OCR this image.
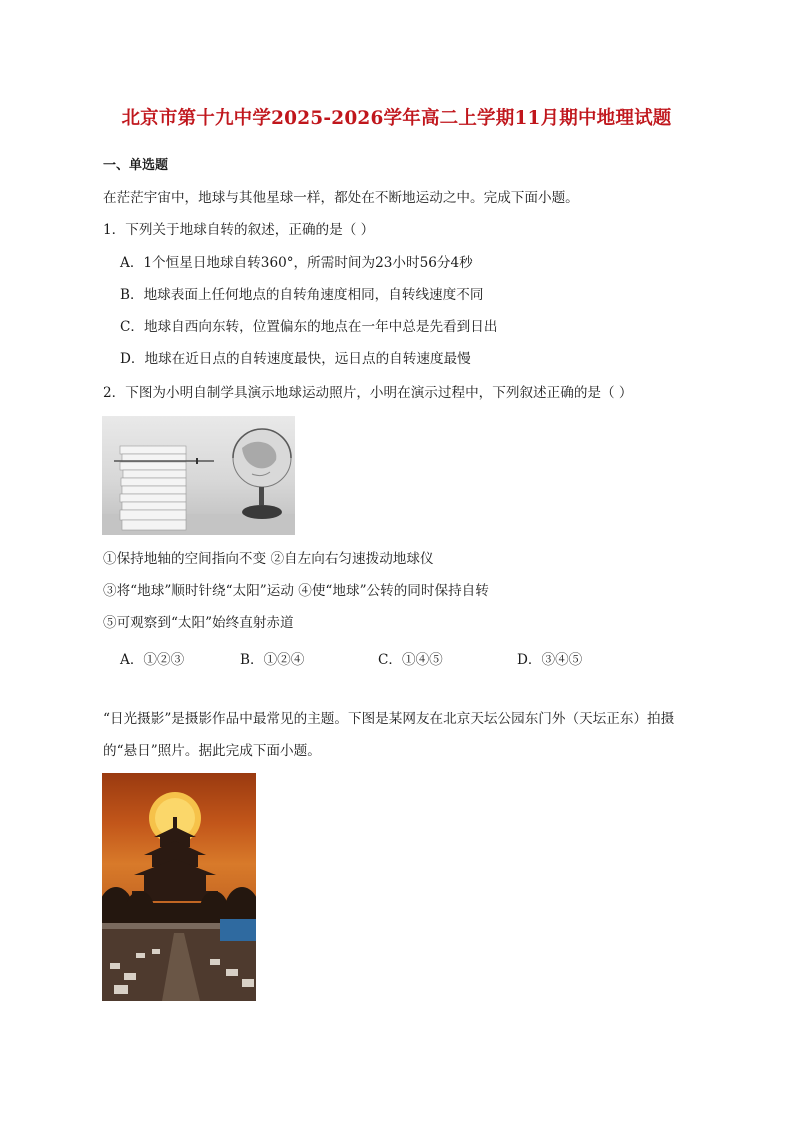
北京市第十九中学2025-2026学年高二上学期11月期中地理试题
一、单选题
在茫茫宇宙中，地球与其他星球一样，都处在不断地运动之中。完成下面小题。
1．下列关于地球自转的叙述，正确的是（ ）
A．1个恒星日地球自转360°，所需时间为23小时56分4秒
B．地球表面上任何地点的自转角速度相同，自转线速度不同
C．地球自西向东转，位置偏东的地点在一年中总是先看到日出
D．地球在近日点的自转速度最快，远日点的自转速度最慢
2．下图为小明自制学具演示地球运动照片，小明在演示过程中，下列叙述正确的是（ ）
①保持地轴的空间指向不变 ②自左向右匀速拨动地球仪
③将“地球”顺时针绕“太阳”运动 ④使“地球”公转的同时保持自转
⑤可观察到“太阳”始终直射赤道
A．①②③	B．①②④	C．①④⑤	D．③④⑤
“日光摄影”是摄影作品中最常见的主题。下图是某网友在北京天坛公园东门外（天坛正东）拍摄
的“悬日”照片。据此完成下面小题。
